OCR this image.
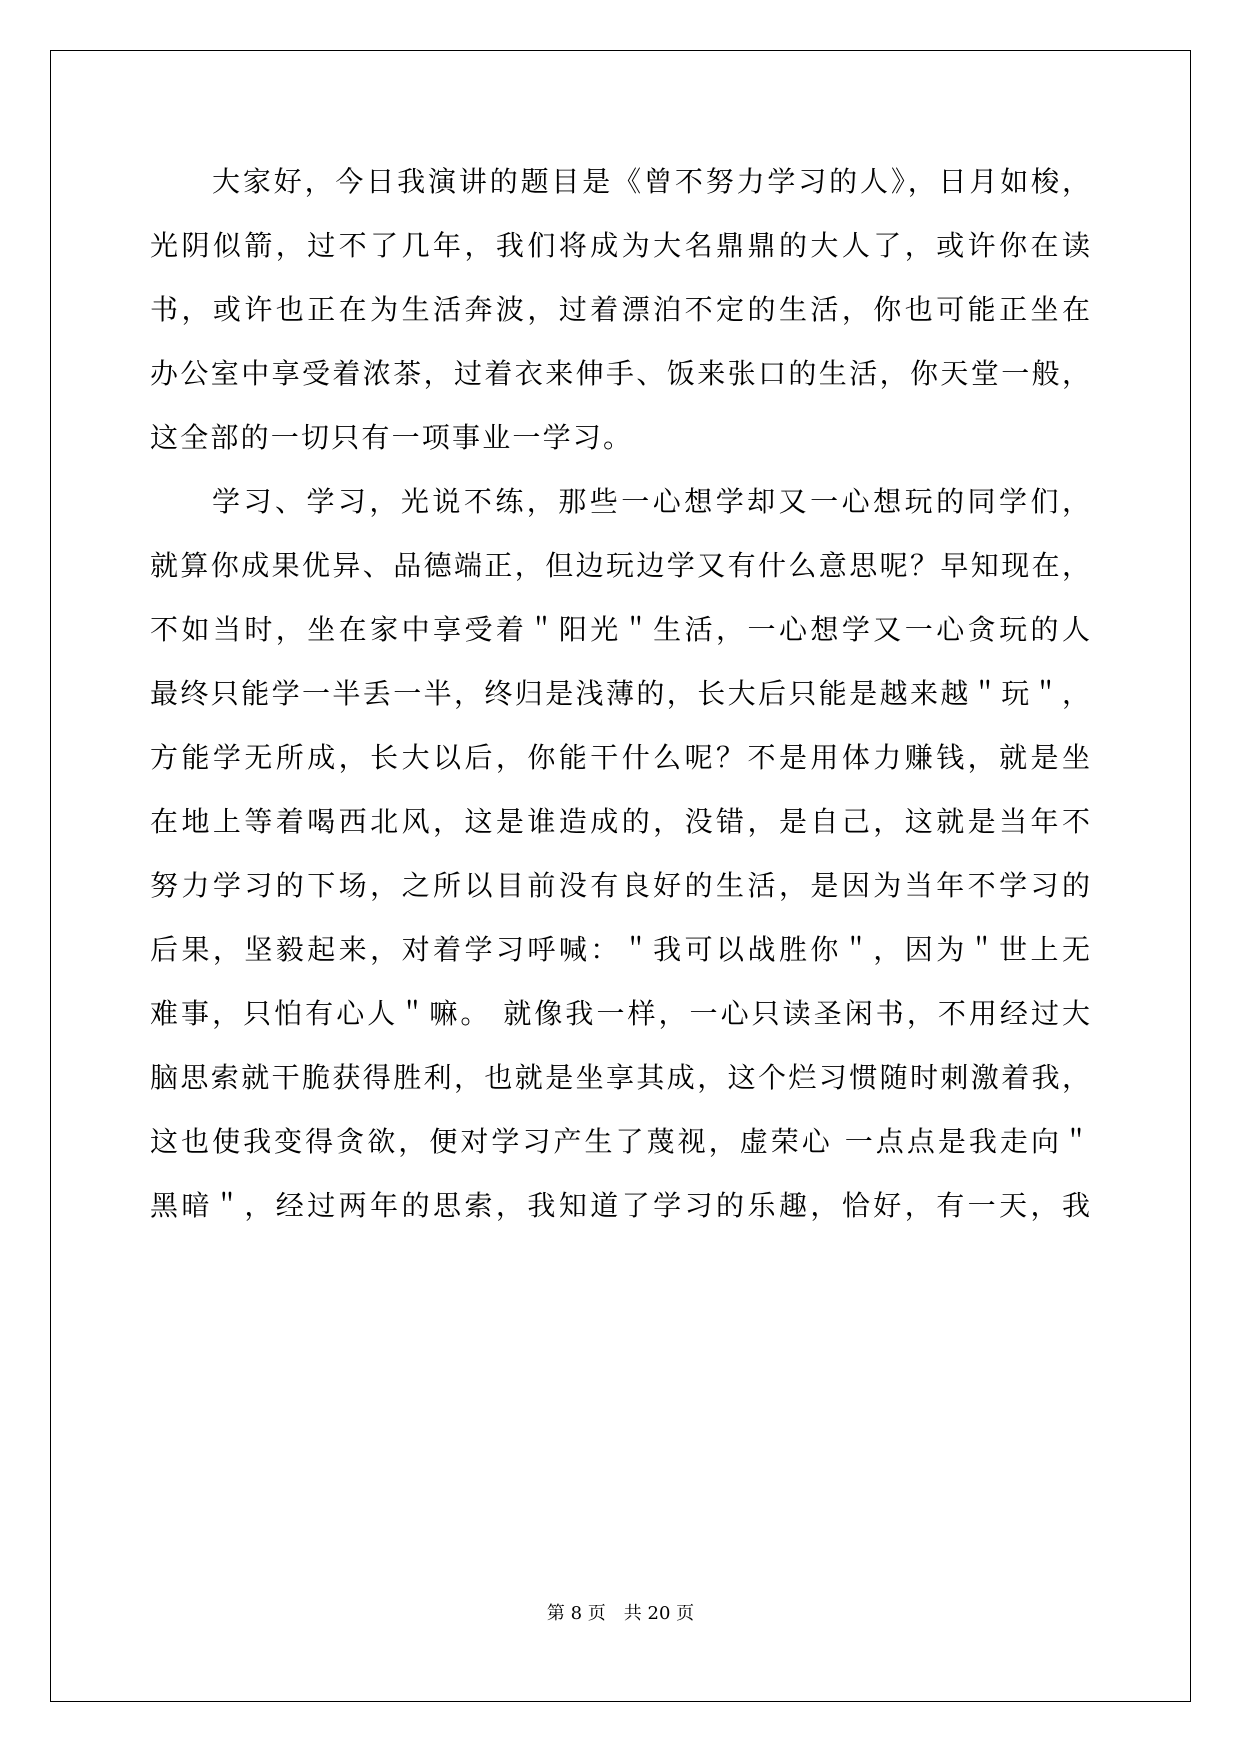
大家好，今日我演讲的题目是《曾不努力学习的人》，日月如梭，
光阴似箭，过不了几年，我们将成为大名鼎鼎的大人了，或许你在读
书，或许也正在为生活奔波，过着漂泊不定的生活，你也可能正坐在
办公室中享受着浓茶，过着衣来伸手、饭来张口的生活，你天堂一般，
这全部的一切只有一项事业一学习。
学习、学习，光说不练，那些一心想学却又一心想玩的同学们，
就算你成果优异、品德端正，但边玩边学又有什么意思呢？早知现在，
不如当时，坐在家中享受着＂阳光＂生活，一心想学又一心贪玩的人
最终只能学一半丢一半，终归是浅薄的，长大后只能是越来越＂玩＂，
方能学无所成，长大以后，你能干什么呢？不是用体力赚钱，就是坐
在地上等着喝西北风，这是谁造成的，没错，是自己，这就是当年不
努力学习的下场，之所以目前没有良好的生活，是因为当年不学习的
后果，坚毅起来，对着学习呼喊：＂我可以战胜你＂，因为＂世上无
难事，只怕有心人＂嘛。 就像我一样，一心只读圣闲书，不用经过大
脑思索就干脆获得胜利，也就是坐享其成，这个烂习惯随时刺激着我，
这也使我变得贪欲，便对学习产生了蔑视，虚荣心 一点点是我走向＂
黑暗＂，经过两年的思索，我知道了学习的乐趣，恰好，有一天，我
第 8 页 共 20 页
